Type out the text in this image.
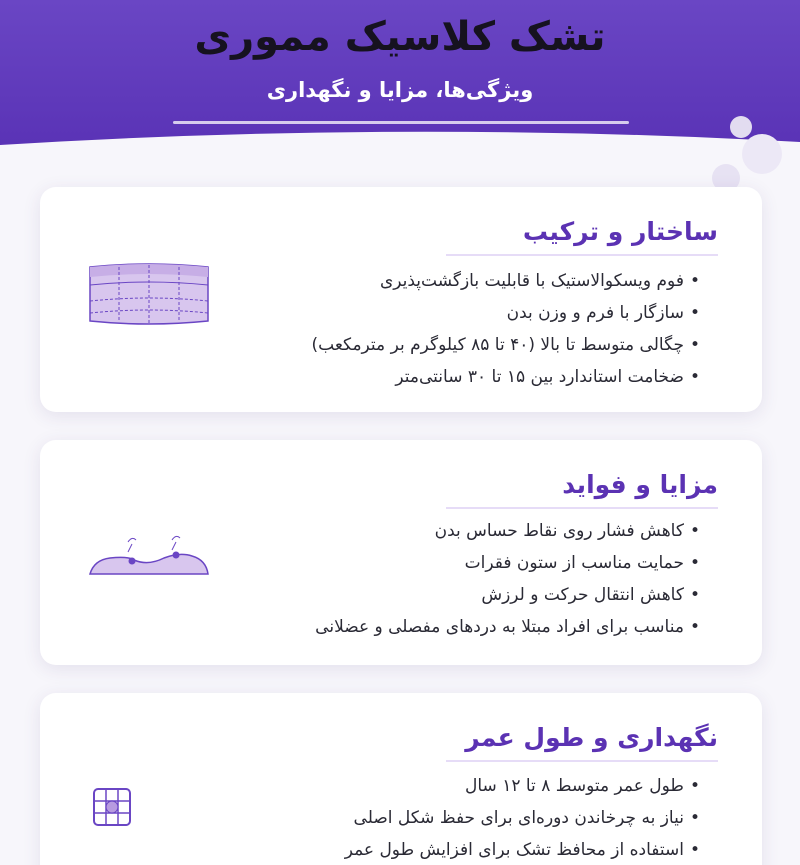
تشک کلاسیک مموری
ویژگی‌ها، مزایا و نگهداری
ساختار و ترکیب
•فوم ویسکوالاستیک با قابلیت بازگشت‌پذیری
•سازگار با فرم و وزن بدن
•چگالی متوسط تا بالا (۴۰ تا ۸۵ کیلوگرم بر مترمکعب)
•ضخامت استاندارد بین ۱۵ تا ۳۰ سانتی‌متر
مزایا و فواید
•کاهش فشار روی نقاط حساس بدن
•حمایت مناسب از ستون فقرات
•کاهش انتقال حرکت و لرزش
•مناسب برای افراد مبتلا به دردهای مفصلی و عضلانی
نگهداری و طول عمر
•طول عمر متوسط ۸ تا ۱۲ سال
•نیاز به چرخاندن دوره‌ای برای حفظ شکل اصلی
•استفاده از محافظ تشک برای افزایش طول عمر
